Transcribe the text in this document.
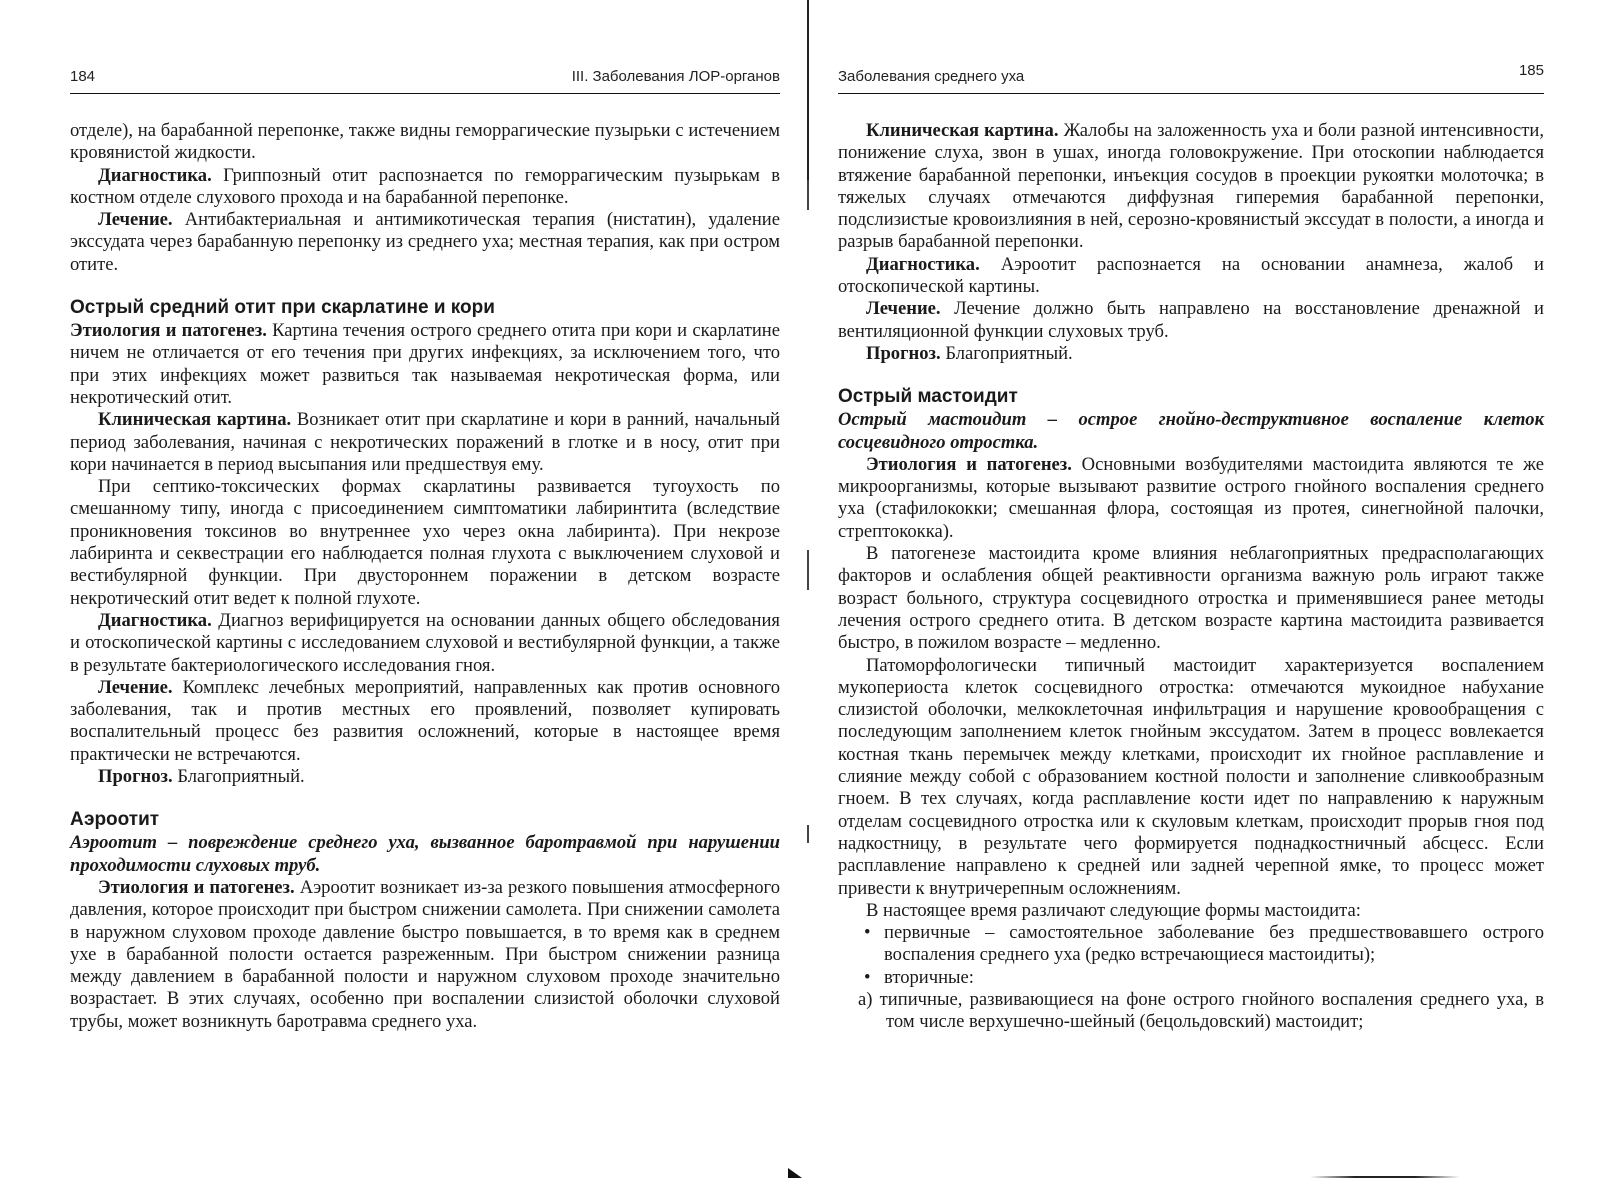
184	III. Заболевания ЛОР-органов

отделе), на барабанной перепонке, также видны геморрагические пузырьки с истечением кровянистой жидкости.

Диагностика. Гриппозный отит распознается по геморрагическим пузырькам в костном отделе слухового прохода и на барабанной перепонке.

Лечение. Антибактериальная и антимикотическая терапия (нистатин), удаление экссудата через барабанную перепонку из среднего уха; местная терапия, как при остром отите.

Острый средний отит при скарлатине и кори

Этиология и патогенез. Картина течения острого среднего отита при кори и скарлатине ничем не отличается от его течения при других инфекциях, за исключением того, что при этих инфекциях может развиться так называемая некротическая форма, или некротический отит.

Клиническая картина. Возникает отит при скарлатине и кори в ранний, начальный период заболевания, начиная с некротических поражений в глотке и в носу, отит при кори начинается в период высыпания или предшествуя ему.

При септико-токсических формах скарлатины развивается тугоухость по смешанному типу, иногда с присоединением симптоматики лабиринтита (вследствие проникновения токсинов во внутреннее ухо через окна лабиринта). При некрозе лабиринта и секвестрации его наблюдается полная глухота с выключением слуховой и вестибулярной функции. При двустороннем поражении в детском возрасте некротический отит ведет к полной глухоте.

Диагностика. Диагноз верифицируется на основании данных общего обследования и отоскопической картины с исследованием слуховой и вестибулярной функции, а также в результате бактериологического исследования гноя.

Лечение. Комплекс лечебных мероприятий, направленных как против основного заболевания, так и против местных его проявлений, позволяет купировать воспалительный процесс без развития осложнений, которые в настоящее время практически не встречаются.

Прогноз. Благоприятный.

Аэроотит

Аэроотит – повреждение среднего уха, вызванное баротравмой при нарушении проходимости слуховых труб.

Этиология и патогенез. Аэроотит возникает из-за резкого повышения атмосферного давления, которое происходит при быстром снижении самолета. При снижении самолета в наружном слуховом проходе давление быстро повышается, в то время как в среднем ухе в барабанной полости остается разреженным. При быстром снижении разница между давлением в барабанной полости и наружном слуховом проходе значительно возрастает. В этих случаях, особенно при воспалении слизистой оболочки слуховой трубы, может возникнуть баротравма среднего уха.

Заболевания среднего уха	185

Клиническая картина. Жалобы на заложенность уха и боли разной интенсивности, понижение слуха, звон в ушах, иногда головокружение. При отоскопии наблюдается втяжение барабанной перепонки, инъекция сосудов в проекции рукоятки молоточка; в тяжелых случаях отмечаются диффузная гиперемия барабанной перепонки, подслизистые кровоизлияния в ней, серозно-кровянистый экссудат в полости, а иногда и разрыв барабанной перепонки.

Диагностика. Аэроотит распознается на основании анамнеза, жалоб и отоскопической картины.

Лечение. Лечение должно быть направлено на восстановление дренажной и вентиляционной функции слуховых труб.

Прогноз. Благоприятный.

Острый мастоидит

Острый мастоидит – острое гнойно-деструктивное воспаление клеток сосцевидного отростка.

Этиология и патогенез. Основными возбудителями мастоидита являются те же микроорганизмы, которые вызывают развитие острого гнойного воспаления среднего уха (стафилококки; смешанная флора, состоящая из протея, синегнойной палочки, стрептококка).

В патогенезе мастоидита кроме влияния неблагоприятных предрасполагающих факторов и ослабления общей реактивности организма важную роль играют также возраст больного, структура сосцевидного отростка и применявшиеся ранее методы лечения острого среднего отита. В детском возрасте картина мастоидита развивается быстро, в пожилом возрасте – медленно.

Патоморфологически типичный мастоидит характеризуется воспалением мукопериоста клеток сосцевидного отростка: отмечаются мукоидное набухание слизистой оболочки, мелкоклеточная инфильтрация и нарушение кровообращения с последующим заполнением клеток гнойным экссудатом. Затем в процесс вовлекается костная ткань перемычек между клетками, происходит их гнойное расплавление и слияние между собой с образованием костной полости и заполнение сливкообразным гноем. В тех случаях, когда расплавление кости идет по направлению к наружным отделам сосцевидного отростка или к скуловым клеткам, происходит прорыв гноя под надкостницу, в результате чего формируется поднадкостничный абсцесс. Если расплавление направлено к средней или задней черепной ямке, то процесс может привести к внутричерепным осложнениям.

В настоящее время различают следующие формы мастоидита:

• первичные – самостоятельное заболевание без предшествовавшего острого воспаления среднего уха (редко встречающиеся мастоидиты);
• вторичные:

а) типичные, развивающиеся на фоне острого гнойного воспаления среднего уха, в том числе верхушечно-шейный (бецольдовский) мастоидит;
